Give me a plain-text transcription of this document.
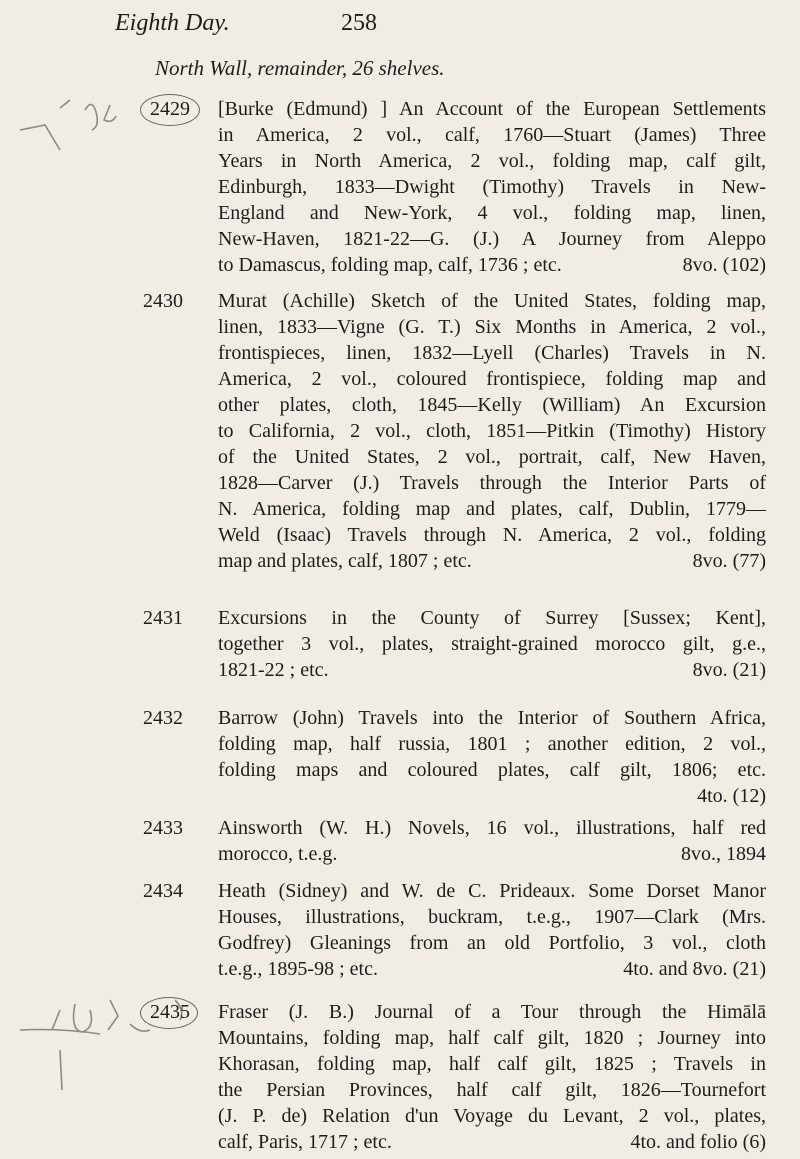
Eighth Day.	258
North Wall, remainder, 26 shelves.
2429 [Burke (Edmund) ] An Account of the European Settlements
in America, 2 vol., calf, 1760—Stuart (James) Three
Years in North America, 2 vol., folding map, calf gilt,
Edinburgh, 1833—Dwight (Timothy) Travels in New-
England and New-York, 4 vol., folding map, linen,
New-Haven, 1821-22—G. (J.) A Journey from Aleppo
to Damascus, folding map, calf, 1736 ; etc.	8vo. (102)
2430 Murat (Achille) Sketch of the United States, folding map,
linen, 1833—Vigne (G. T.) Six Months in America, 2 vol.,
frontispieces, linen, 1832—Lyell (Charles) Travels in N.
America, 2 vol., coloured frontispiece, folding map and
other plates, cloth, 1845—Kelly (William) An Excursion
to California, 2 vol., cloth, 1851—Pitkin (Timothy) History
of the United States, 2 vol., portrait, calf, New Haven,
1828—Carver (J.) Travels through the Interior Parts of
N. America, folding map and plates, calf, Dublin, 1779—
Weld (Isaac) Travels through N. America, 2 vol., folding
map and plates, calf, 1807 ; etc.	8vo. (77)
2431 Excursions in the County of Surrey [Sussex; Kent],
together 3 vol., plates, straight-grained morocco gilt, g.e.,
1821-22 ; etc.	8vo. (21)
2432 Barrow (John) Travels into the Interior of Southern Africa,
folding map, half russia, 1801 ; another edition, 2 vol.,
folding maps and coloured plates, calf gilt, 1806; etc.
4to. (12)
2433 Ainsworth (W. H.) Novels, 16 vol., illustrations, half red
morocco, t.e.g.	8vo., 1894
2434 Heath (Sidney) and W. de C. Prideaux. Some Dorset Manor
Houses, illustrations, buckram, t.e.g., 1907—Clark (Mrs.
Godfrey) Gleanings from an old Portfolio, 3 vol., cloth
t.e.g., 1895-98 ; etc.	4to. and 8vo. (21)
2435 Fraser (J. B.) Journal of a Tour through the Himālā
Mountains, folding map, half calf gilt, 1820 ; Journey into
Khorasan, folding map, half calf gilt, 1825 ; Travels in
the Persian Provinces, half calf gilt, 1826—Tournefort
(J. P. de) Relation d'un Voyage du Levant, 2 vol., plates,
calf, Paris, 1717 ; etc.	4to. and folio (6)
